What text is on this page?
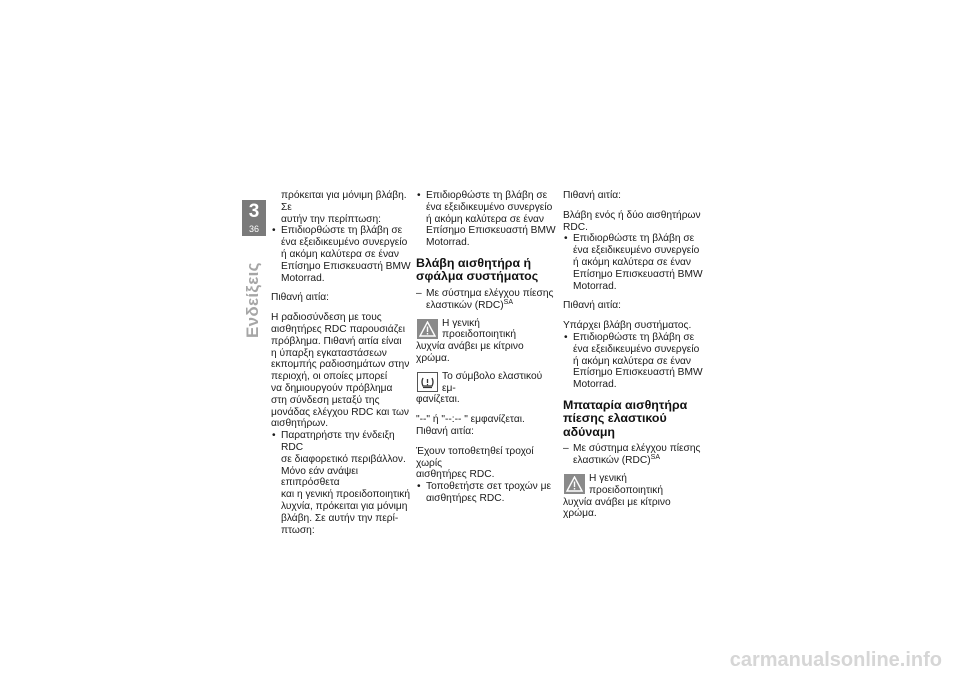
3
36
Ενδείξεις

πρόκειται για μόνιμη βλάβη. Σε

αυτήν την περίπτωση:

• Επιδιορθώστε τη βλάβη σε
ένα εξειδικευμένο συνεργείο
ή ακόμη καλύτερα σε έναν
Επίσημο Επισκευαστή BMW
Motorrad.

Πιθανή αιτία:

Η ραδιοσύνδεση με τους
αισθητήρες RDC παρουσιάζει
πρόβλημα. Πιθανή αιτία είναι
η ύπαρξη εγκαταστάσεων
εκπομπής ραδιοσημάτων στην
περιοχή, οι οποίες μπορεί
να δημιουργούν πρόβλημα
στη σύνδεση μεταξύ της
μονάδας ελέγχου RDC και των
αισθητήρων.
• Παρατηρήστε την ένδειξη RDC
σε διαφορετικό περιβάλλον.
Μόνο εάν ανάψει επιπρόσθετα
και η γενική προειδοποιητική
λυχνία, πρόκειται για μόνιμη
βλάβη. Σε αυτήν την περί-
πτωση:
• Επιδιορθώστε τη βλάβη σε
ένα εξειδικευμένο συνεργείο
ή ακόμη καλύτερα σε έναν
Επίσημο Επισκευαστή BMW
Motorrad.
Βλάβη αισθητήρα ή
σφάλμα συστήματος
– Με σύστημα ελέγχου πίεσης
ελαστικών (RDC)$^{SA}$
Η γενική προειδοποιητική
λυχνία ανάβει με κίτρινο
χρώμα.
Το σύμβολο ελαστικού εμ-
φανίζεται.

"--" ή "--:-- " εμφανίζεται.

Πιθανή αιτία:

Έχουν τοποθετηθεί τροχοί χωρίς
αισθητήρες RDC.
• Τοποθετήστε σετ τροχών με
αισθητήρες RDC.

Πιθανή αιτία:

Βλάβη ενός ή δύο αισθητήρων
RDC.
• Επιδιορθώστε τη βλάβη σε
ένα εξειδικευμένο συνεργείο
ή ακόμη καλύτερα σε έναν
Επίσημο Επισκευαστή BMW
Motorrad.

Πιθανή αιτία:

Υπάρχει βλάβη συστήματος.

• Επιδιορθώστε τη βλάβη σε
ένα εξειδικευμένο συνεργείο
ή ακόμη καλύτερα σε έναν
Επίσημο Επισκευαστή BMW
Motorrad.
Μπαταρία αισθητήρα
πίεσης ελαστικού
αδύναμη
– Με σύστημα ελέγχου πίεσης
ελαστικών (RDC)$^{SA}$
Η γενική προειδοποιητική
λυχνία ανάβει με κίτρινο
χρώμα.
carmanualsonline.info
